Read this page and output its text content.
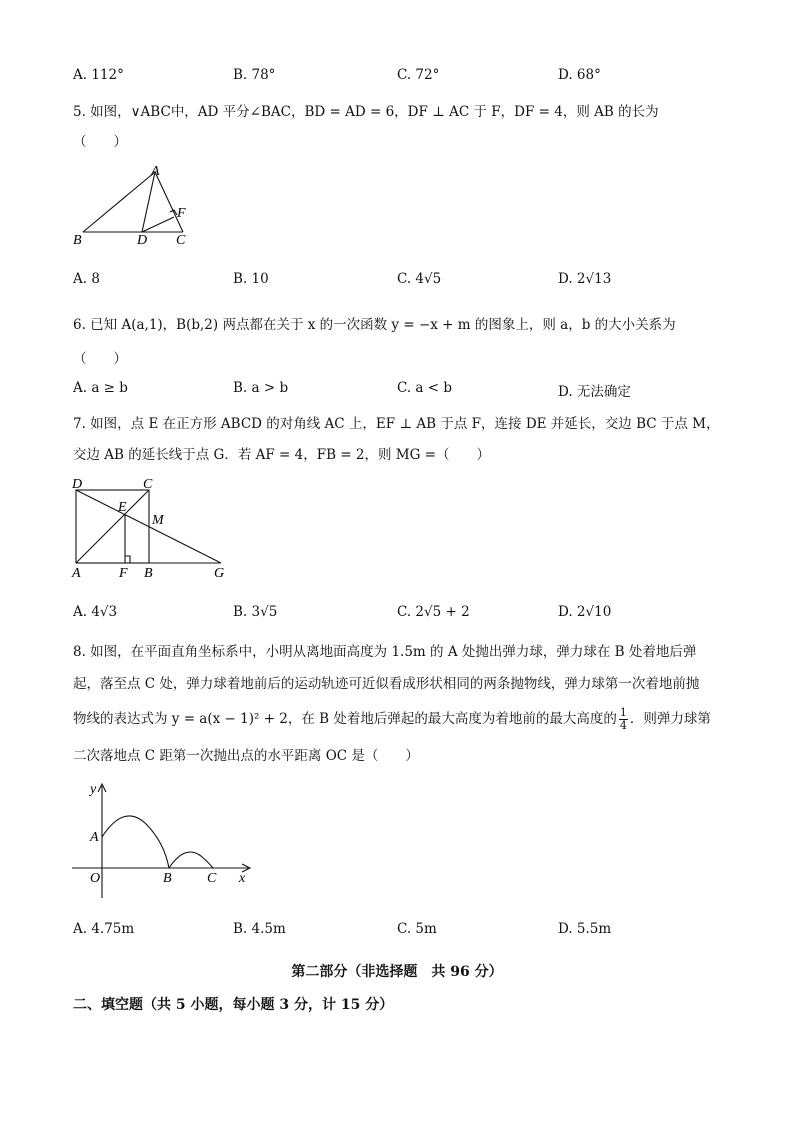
A. 112°	B. 78°	C. 72°	D. 68°
5. 如图，∨ABC中，AD 平分∠BAC，BD = AD = 6，DF ⊥ AC 于 F，DF = 4，则 AB 的长为
（　　）
A
B	C
D
F
A. 8	B. 10	C. 4√5	D. 2√13
6. 已知 A(a,1)，B(b,2) 两点都在关于 x 的一次函数 y = −x + m 的图象上，则 a，b 的大小关系为
（　　）
A. a ≥ b	B. a > b	C. a < b	D. 无法确定
7. 如图，点 E 在正方形 ABCD 的对角线 AC 上，EF ⊥ AB 于点 F，连接 DE 并延长，交边 BC 于点 M，
交边 AB 的延长线于点 G．若 AF = 4，FB = 2，则 MG =（　　）
D	C
E
M
A	F B	G
A. 4√3	B. 3√5	C. 2√5 + 2	D. 2√10
8. 如图，在平面直角坐标系中，小明从离地面高度为 1.5m 的 A 处抛出弹力球，弹力球在 B 处着地后弹
起，落至点 C 处，弹力球着地前后的运动轨迹可近似看成形状相同的两条抛物线，弹力球第一次着地前抛
物线的表达式为 y = a(x − 1)² + 2，在 B 处着地后弹起的最大高度为着地前的最大高度的 $\frac{1}{4}$ ．则弹力球第
二次落地点 C 距第一次抛出点的水平距离 OC 是（　　）
y
A
O	B	C x
A. 4.75m	B. 4.5m	C. 5m	D. 5.5m
第二部分（非选择题　共 96 分）
二、填空题（共 5 小题，每小题 3 分，计 15 分）
